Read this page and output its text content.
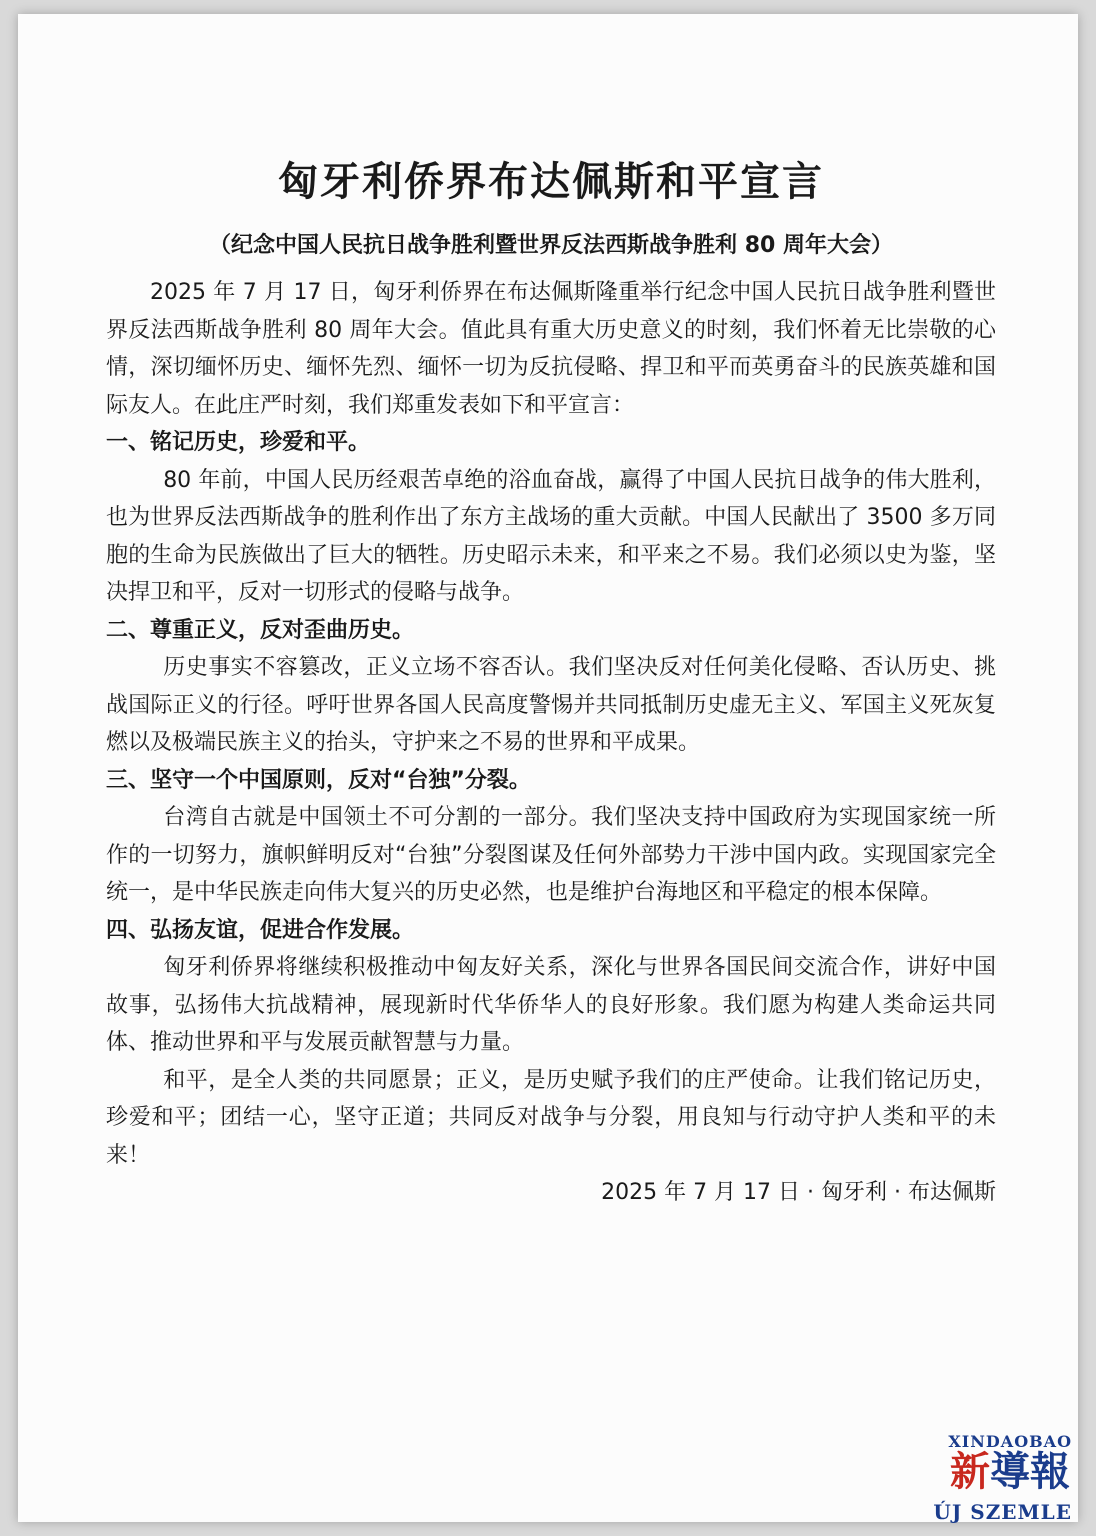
匈牙利侨界布达佩斯和平宣言

（纪念中国人民抗日战争胜利暨世界反法西斯战争胜利 80 周年大会）

2025 年 7 月 17 日，匈牙利侨界在布达佩斯隆重举行纪念中国人民抗日战争胜利暨世界反法西斯战争胜利 80 周年大会。值此具有重大历史意义的时刻，我们怀着无比崇敬的心情，深切缅怀历史、缅怀先烈、缅怀一切为反抗侵略、捍卫和平而英勇奋斗的民族英雄和国际友人。在此庄严时刻，我们郑重发表如下和平宣言：

一、铭记历史，珍爱和平。

80 年前，中国人民历经艰苦卓绝的浴血奋战，赢得了中国人民抗日战争的伟大胜利，也为世界反法西斯战争的胜利作出了东方主战场的重大贡献。中国人民献出了 3500 多万同胞的生命为民族做出了巨大的牺牲。历史昭示未来，和平来之不易。我们必须以史为鉴，坚决捍卫和平，反对一切形式的侵略与战争。

二、尊重正义，反对歪曲历史。

历史事实不容篡改，正义立场不容否认。我们坚决反对任何美化侵略、否认历史、挑战国际正义的行径。呼吁世界各国人民高度警惕并共同抵制历史虚无主义、军国主义死灰复燃以及极端民族主义的抬头，守护来之不易的世界和平成果。

三、坚守一个中国原则，反对“台独”分裂。

台湾自古就是中国领土不可分割的一部分。我们坚决支持中国政府为实现国家统一所作的一切努力，旗帜鲜明反对“台独”分裂图谋及任何外部势力干涉中国内政。实现国家完全统一，是中华民族走向伟大复兴的历史必然，也是维护台海地区和平稳定的根本保障。

四、弘扬友谊，促进合作发展。

匈牙利侨界将继续积极推动中匈友好关系，深化与世界各国民间交流合作，讲好中国故事，弘扬伟大抗战精神，展现新时代华侨华人的良好形象。我们愿为构建人类命运共同体、推动世界和平与发展贡献智慧与力量。

和平，是全人类的共同愿景；正义，是历史赋予我们的庄严使命。让我们铭记历史，珍爱和平；团结一心，坚守正道；共同反对战争与分裂，用良知与行动守护人类和平的未来！

2025 年 7 月 17 日 · 匈牙利 · 布达佩斯

XINDAOBAO
新導報
ÚJ SZEMLE
